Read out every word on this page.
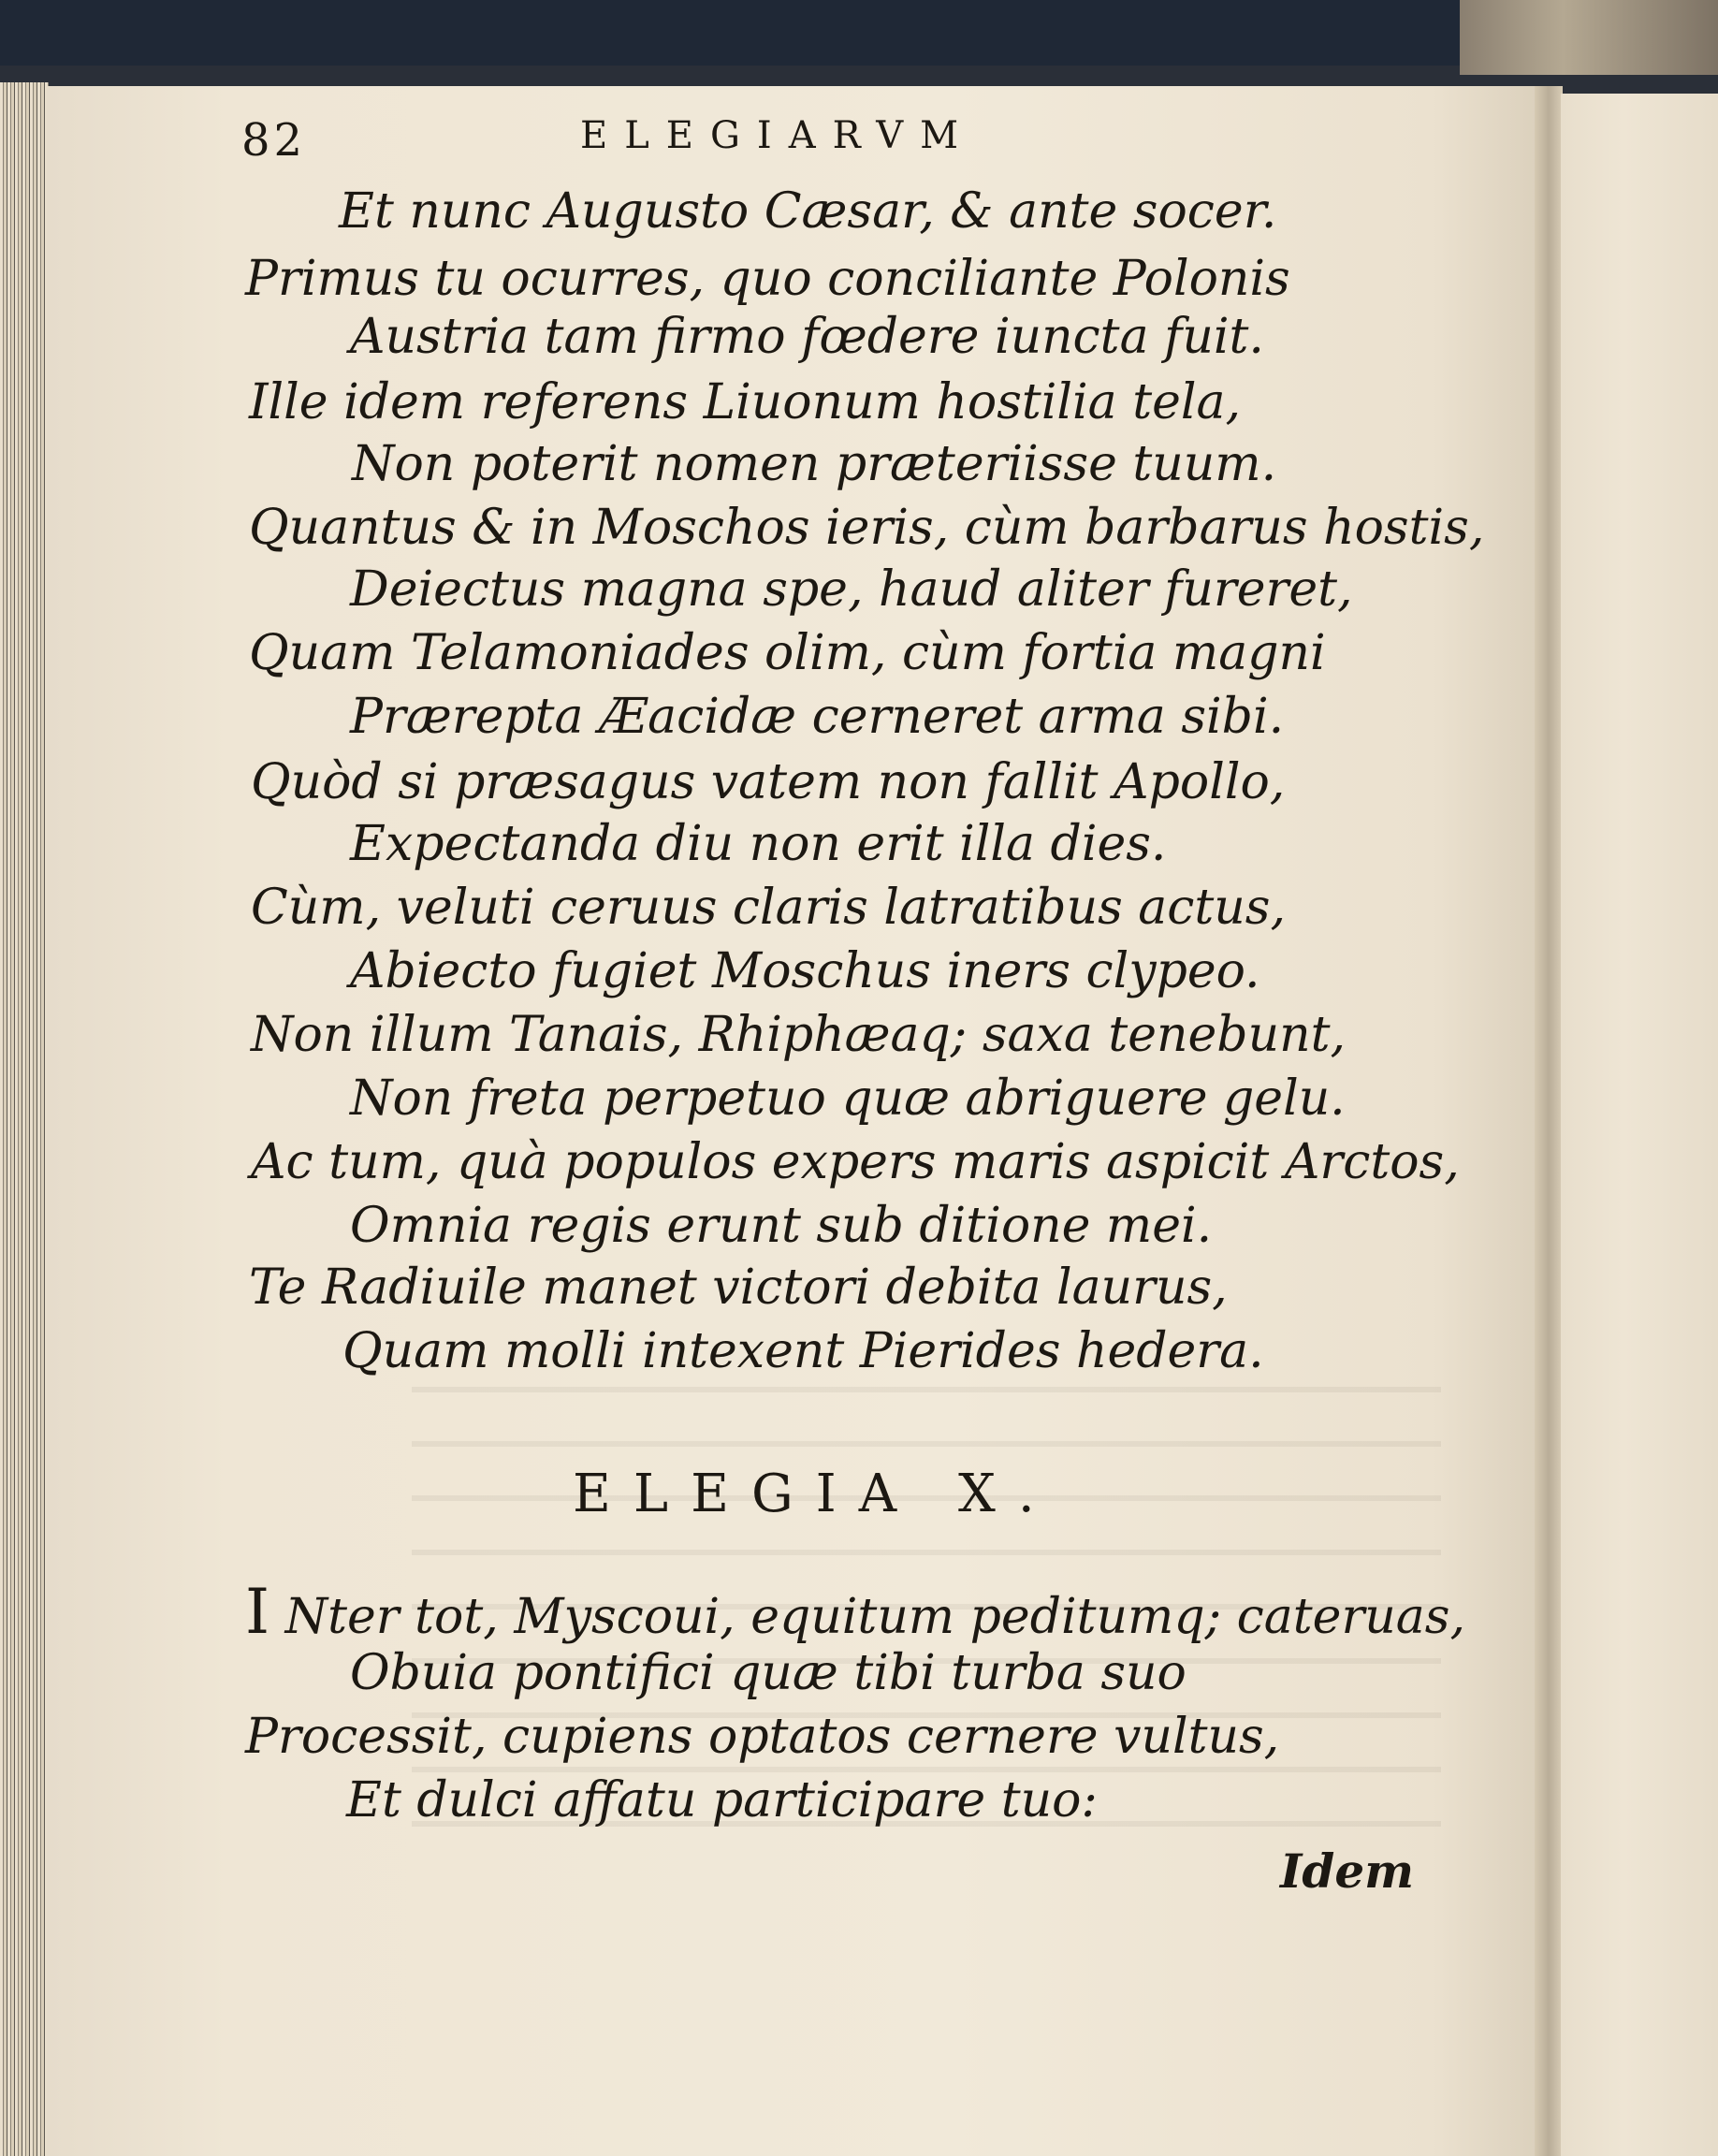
82	ELEGIARVM
Et nunc Augusto Cæsar, & ante socer.
Primus tu ocurres, quo conciliante Polonis
Austria tam firmo fœdere iuncta fuit.
Ille idem referens Liuonum hostilia tela,
Non poterit nomen præteriisse tuum.
Quantus & in Moschos ieris, cùm barbarus hostis,
Deiectus magna spe, haud aliter fureret,
Quam Telamoniades olim, cùm fortia magni
Prærepta Æacidæ cerneret arma sibi.
Quòd si præsagus vatem non fallit Apollo,
Expectanda diu non erit illa dies.
Cùm, veluti ceruus claris latratibus actus,
Abiecto fugiet Moschus iners clypeo.
Non illum Tanais, Rhiphæaq; saxa tenebunt,
Non freta perpetuo quæ abriguere gelu.
Ac tum, quà populos expers maris aspicit Arctos,
Omnia regis erunt sub ditione mei.
Te Radiuile manet victori debita laurus,
Quam molli intexent Pierides hedera.
ELEGIA X.
I Nter tot, Myscoui, equitum peditumq; cateruas,
Obuia pontifici quæ tibi turba suo
Processit, cupiens optatos cernere vultus,
Et dulci affatu participare tuo:
Idem
